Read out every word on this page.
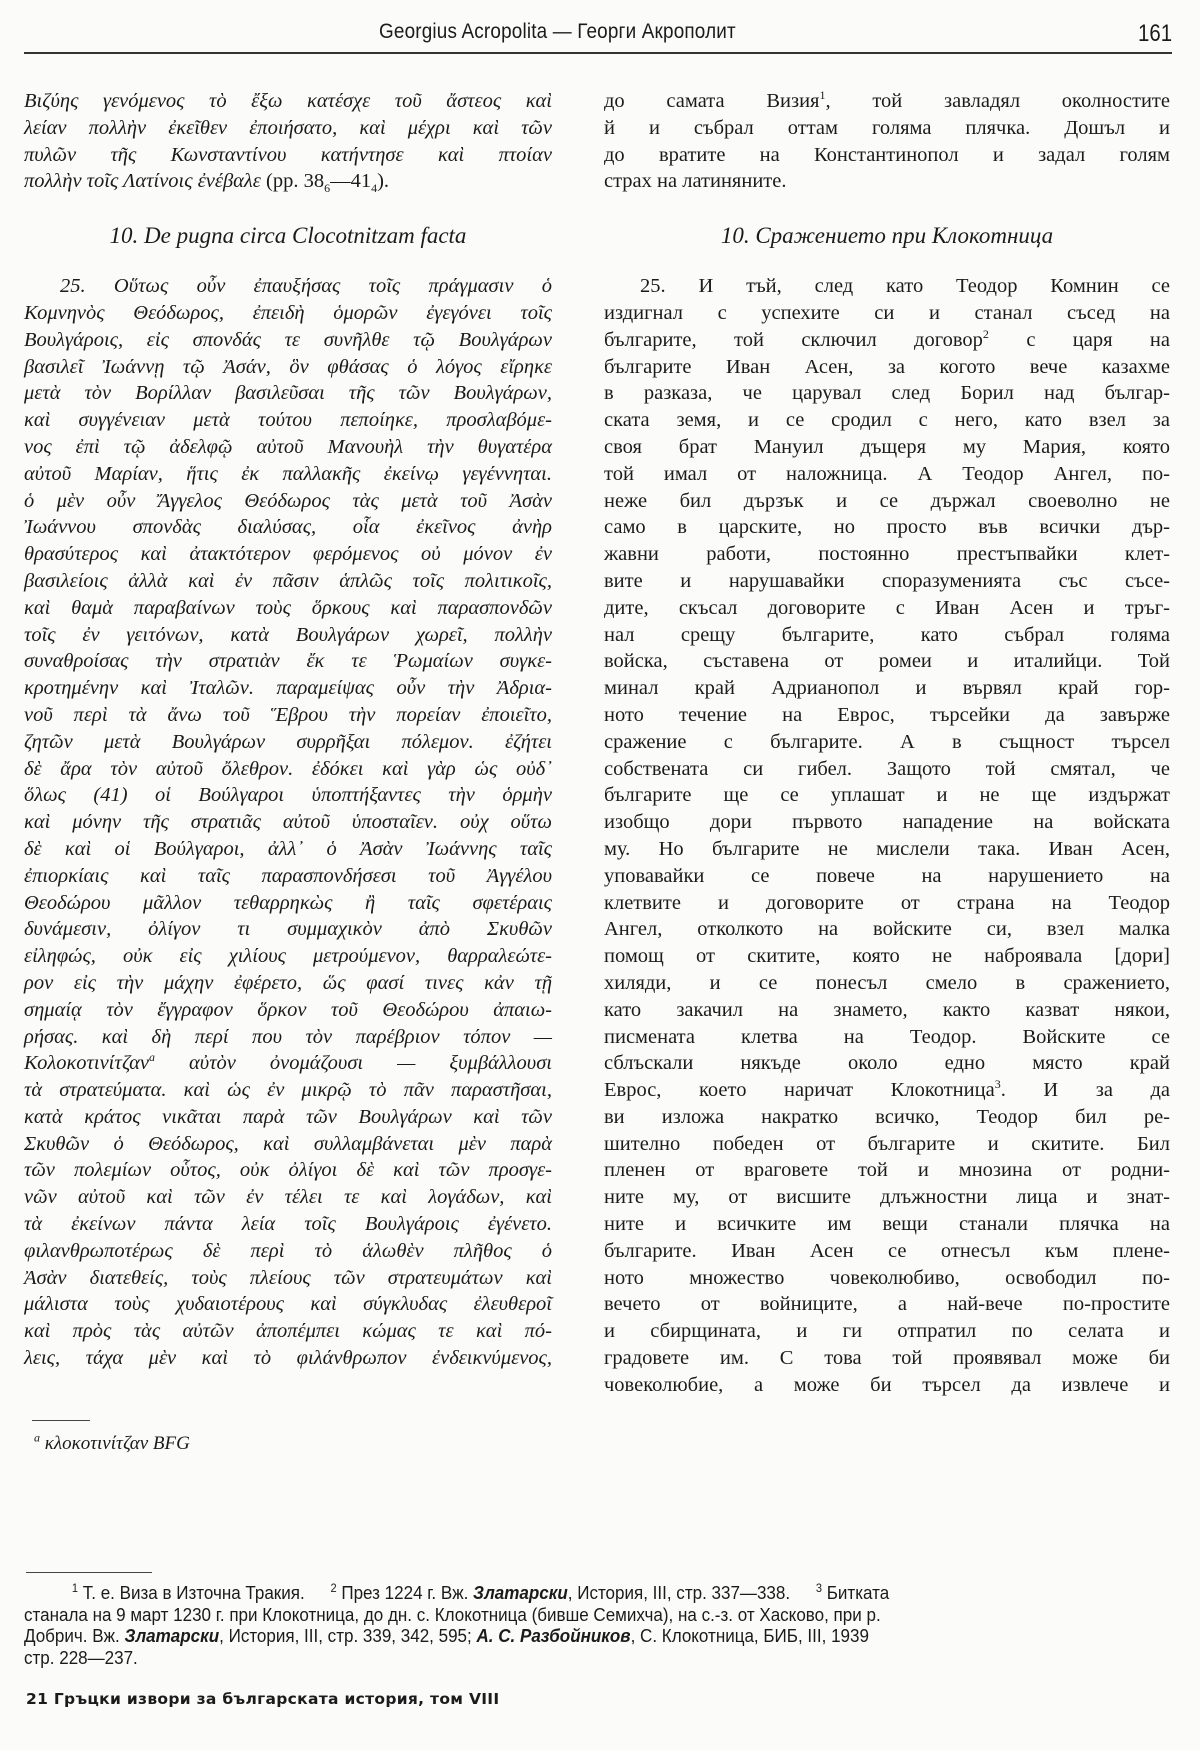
Georgius Acropolita — Георги Акрополит	161
Βιζύης γενόμενος τὸ ἔξω κατέσχε τοῦ ἄστεος καὶ
λείαν πολλὴν ἐκεῖθεν ἐποιήσατο, καὶ μέχρι καὶ τῶν
πυλῶν τῆς Κωνσταντίνου κατήντησε καὶ πτοίαν
πολλὴν τοῖς Λατίνοις ἐνέβαλε (pp. $38_6—41_4$).
10. De pugna circa Clocotnitzam facta
25. Οὕτως οὖν ἐπαυξήσας τοῖς πράγμασιν ὁ
Κομνηνὸς Θεόδωρος, ἐπειδὴ ὁμορῶν ἐγεγόνει τοῖς
Βουλγάροις, εἰς σπονδάς τε συνῆλθε τῷ Βουλγάρων
βασιλεῖ Ἰωάννῃ τῷ Ἀσάν, ὃν φθάσας ὁ λόγος εἴρηκε
μετὰ τὸν Βορίλλαν βασιλεῦσαι τῆς τῶν Βουλγάρων,
καὶ συγγένειαν μετὰ τούτου πεποίηκε, προσλαβόμε-
νος ἐπὶ τῷ ἀδελφῷ αὐτοῦ Μανουὴλ τὴν θυγατέρα
αὐτοῦ Μαρίαν, ἥτις ἐκ παλλακῆς ἐκείνῳ γεγέννηται.
ὁ μὲν οὖν Ἄγγελος Θεόδωρος τὰς μετὰ τοῦ Ἀσὰν
Ἰωάννου σπονδὰς διαλύσας, οἷα ἐκεῖνος ἀνὴρ
θρασύτερος καὶ ἀτακτότερον φερόμενος οὐ μόνον ἐν
βασιλείοις ἀλλὰ καὶ ἐν πᾶσιν ἁπλῶς τοῖς πολιτικοῖς,
καὶ θαμὰ παραβαίνων τοὺς ὅρκους καὶ παρασπονδῶν
τοῖς ἐν γειτόνων, κατὰ Βουλγάρων χωρεῖ, πολλὴν
συναθροίσας τὴν στρατιὰν ἔκ τε Ῥωμαίων συγκε-
κροτημένην καὶ Ἰταλῶν. παραμείψας οὖν τὴν Ἀδρια-
νοῦ περὶ τὰ ἄνω τοῦ Ἕβρου τὴν πορείαν ἐποιεῖτο,
ζητῶν μετὰ Βουλγάρων συρρῆξαι πόλεμον. ἐζήτει
δὲ ἄρα τὸν αὐτοῦ ὄλεθρον. ἐδόκει καὶ γὰρ ὡς οὐδ᾽
ὅλως (41) οἱ Βούλγαροι ὑποπτήξαντες τὴν ὁρμὴν
καὶ μόνην τῆς στρατιᾶς αὐτοῦ ὑποσταῖεν. οὐχ οὕτω
δὲ καὶ οἱ Βούλγαροι, ἀλλ᾽ ὁ Ἀσὰν Ἰωάννης ταῖς
ἐπιορκίαις καὶ ταῖς παρασπονδήσεσι τοῦ Ἀγγέλου
Θεοδώρου μᾶλλον τεθαρρηκὼς ἢ ταῖς σφετέραις
δυνάμεσιν, ὀλίγον τι συμμαχικὸν ἀπὸ Σκυθῶν
εἰληφώς, οὐκ εἰς χιλίους μετρούμενον, θαρραλεώτε-
ρον εἰς τὴν μάχην ἐφέρετο, ὥς φασί τινες κἀν τῇ
σημαίᾳ τὸν ἔγγραφον ὅρκον τοῦ Θεοδώρου ἀπαιω-
ρήσας. καὶ δὴ περί που τὸν παρέβριον τόπον —
Κολοκοτινίτζαν$^a$ αὐτὸν ὀνομάζουσι — ξυμβάλλουσι
τὰ στρατεύματα. καὶ ὡς ἐν μικρῷ τὸ πᾶν παραστῆσαι,
κατὰ κράτος νικᾶται παρὰ τῶν Βουλγάρων καὶ τῶν
Σκυθῶν ὁ Θεόδωρος, καὶ συλλαμβάνεται μὲν παρὰ
τῶν πολεμίων οὗτος, οὐκ ὀλίγοι δὲ καὶ τῶν προσγε-
νῶν αὐτοῦ καὶ τῶν ἐν τέλει τε καὶ λογάδων, καὶ
τὰ ἐκείνων πάντα λεία τοῖς Βουλγάροις ἐγένετο.
φιλανθρωποτέρως δὲ περὶ τὸ ἁλωθὲν πλῆθος ὁ
Ἀσὰν διατεθείς, τοὺς πλείους τῶν στρατευμάτων καὶ
μάλιστα τοὺς χυδαιοτέρους καὶ σύγκλυδας ἐλευθεροῖ
καὶ πρὸς τὰς αὐτῶν ἀποπέμπει κώμας τε καὶ πό-
λεις, τάχα μὲν καὶ τὸ φιλάνθρωπον ἐνδεικνύμενος,
$^a$ κλοκοτινίτζαν BFG
до самата Визия$^1$, той завладял околностите
й и събрал оттам голяма плячка. Дошъл и
до вратите на Константинопол и задал голям
страх на латиняните.
10. Сражението при Клокотница
25. И тъй, след като Теодор Комнин се
издигнал с успехите си и станал съсед на
българите, той сключил договор$^2$ с царя на
българите Иван Асен, за когото вече казахме
в разказа, че царувал след Борил над българ-
ската земя, и се сродил с него, като взел за
своя брат Мануил дъщеря му Мария, която
той имал от наложница. А Теодор Ангел, по-
неже бил дързък и се държал своеволно не
само в царските, но просто във всички дър-
жавни работи, постоянно престъпвайки клет-
вите и нарушавайки споразуменията със съсе-
дите, скъсал договорите с Иван Асен и тръг-
нал срещу българите, като събрал голяма
войска, съставена от ромеи и италийци. Той
минал край Адрианопол и вървял край гор-
ното течение на Еврос, търсейки да завърже
сражение с българите. А в същност търсел
собствената си гибел. Защото той смятал, че
българите ще се уплашат и не ще издържат
изобщо дори първото нападение на войската
му. Но българите не мислели така. Иван Асен,
уповавайки се повече на нарушението на
клетвите и договорите от страна на Теодор
Ангел, отколкото на войските си, взел малка
помощ от скитите, която не наброявала [дори]
хиляди, и се понесъл смело в сражението,
като закачил на знамето, както казват някои,
писмената клетва на Теодор. Войските се
сблъскали някъде около едно място край
Еврос, което наричат Клокотница$^3$. И за да
ви изложа накратко всичко, Теодор бил ре-
шително победен от българите и скитите. Бил
пленен от враговете той и мнозина от родни-
ните му, от висшите длъжностни лица и знат-
ните и всичките им вещи станали плячка на
българите. Иван Асен се отнесъл към плене-
ното множество човеколюбиво, освободил по-
вечето от войниците, а най-вече по-простите
и сбирщината, и ги отпратил по селата и
градовете им. С това той проявявал може би
човеколюбие, а може би търсел да извлече и
$^1$ Т. е. Виза в Източна Тракия. $^2$ През 1224 г. Вж. Златарски, История, III, стр. 337—338. $^3$ Битката
станала на 9 март 1230 г. при Клокотница, до дн. с. Клокотница (бивше Семихча), на с.-з. от Хасково, при р.
Добрич. Вж. Златарски, История, III, стр. 339, 342, 595; А. С. Разбойников, С. Клокотница, БИБ, III, 1939
стр. 228—237.
21 Гръцки извори за българската история, том VIII
